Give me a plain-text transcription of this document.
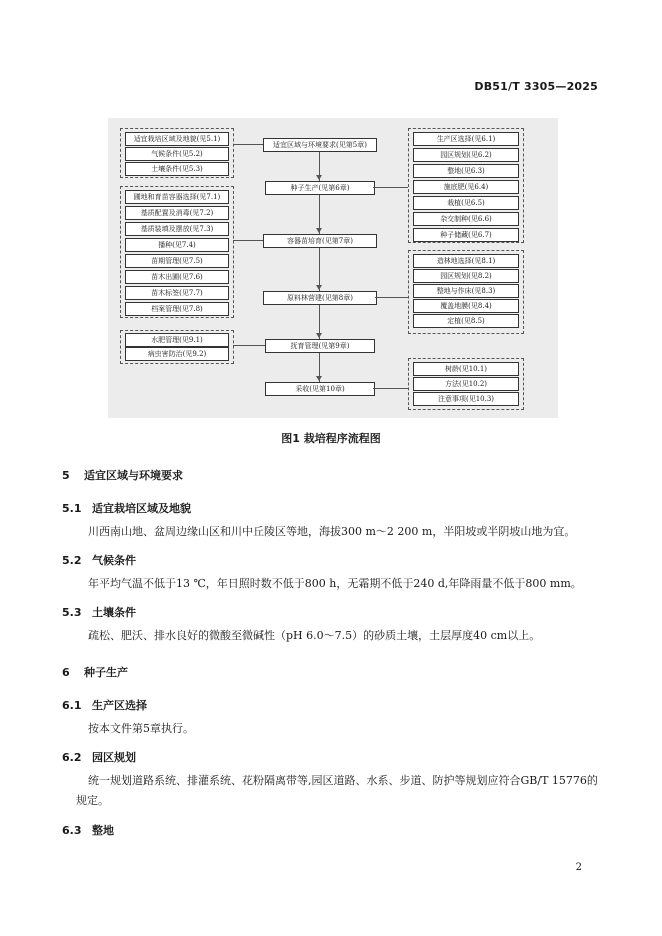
DB51/T 3305—2025
适宜区域与环境要求(见第5章)
种子生产(见第6章)
容器苗培育(见第7章)
原料林营建(见第8章)
抚育管理(见第9章)
采收(见第10章)
适宜栽培区域及地貌(见5.1)
气候条件(见5.2)
土壤条件(见5.3)
圃地和育苗容器选择(见7.1)
基质配置及消毒(见7.2)
基质装填及摆放(见7.3)
播种(见7.4)
苗期管理(见7.5)
苗木出圃(见7.6)
苗木标签(见7.7)
档案管理(见7.8)
水肥管理(见9.1)
病虫害防治(见9.2)
生产区选择(见6.1)
园区规划(见6.2)
整地(见6.3)
施底肥(见6.4)
栽植(见6.5)
杂交制种(见6.6)
种子储藏(见6.7)
造林地选择(见8.1)
园区规划(见8.2)
整地与作床(见8.3)
覆盖地膜(见8.4)
定植(见8.5)
树龄(见10.1)
方法(见10.2)
注意事项(见10.3)
图1 栽培程序流程图
5 适宜区域与环境要求
5.1 适宜栽培区域及地貌
川西南山地、盆周边缘山区和川中丘陵区等地，海拔300 m～2 200 m，半阳坡或半阴坡山地为宜。
5.2 气候条件
年平均气温不低于13 ℃，年日照时数不低于800 h，无霜期不低于240 d,年降雨量不低于800 mm。
5.3 土壤条件
疏松、肥沃、排水良好的微酸至微碱性（pH 6.0～7.5）的砂质土壤，土层厚度40 cm以上。
6 种子生产
6.1 生产区选择
按本文件第5章执行。
6.2 园区规划
统一规划道路系统、排灌系统、花粉隔离带等,园区道路、水系、步道、防护等规划应符合GB/T 15776的规定。
6.3 整地
2
